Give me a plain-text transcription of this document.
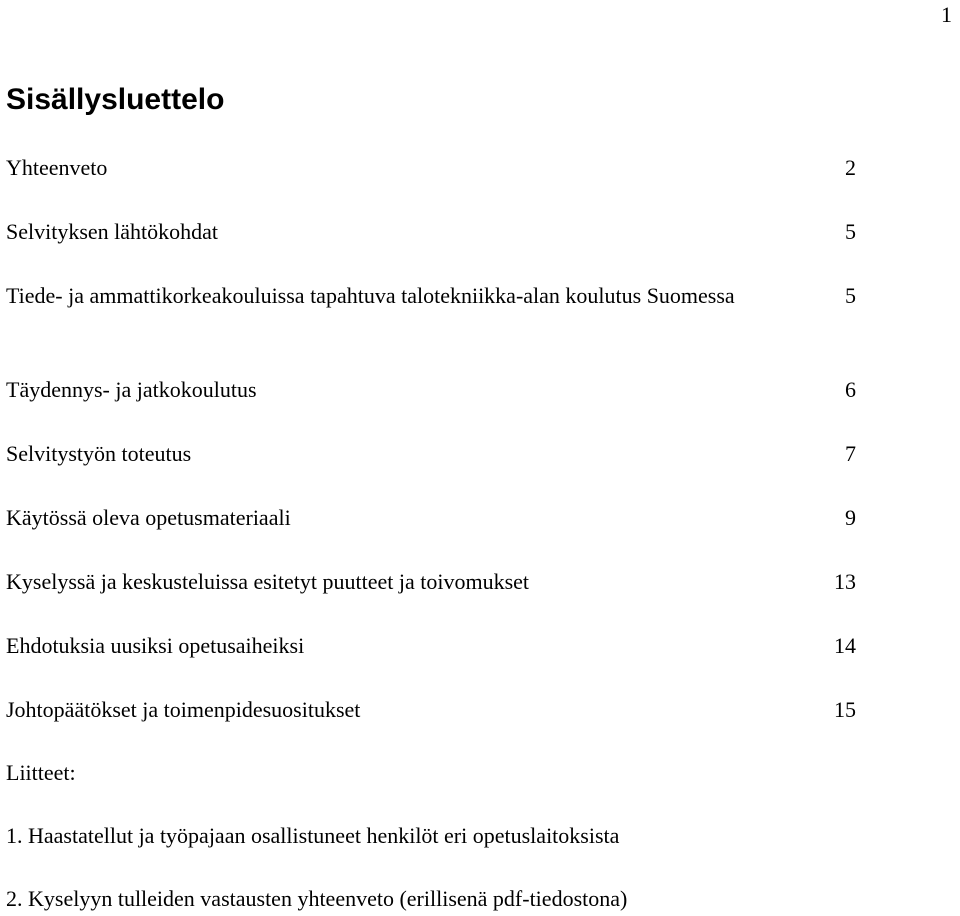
1
Sisällysluettelo
Yhteenveto	2
Selvityksen lähtökohdat	5
Tiede- ja ammattikorkeakouluissa tapahtuva talotekniikka-alan koulutus Suomessa	5
Täydennys- ja jatkokoulutus	6
Selvitystyön toteutus	7
Käytössä oleva opetusmateriaali	9
Kyselyssä ja keskusteluissa esitetyt puutteet ja toivomukset	13
Ehdotuksia uusiksi opetusaiheiksi	14
Johtopäätökset ja toimenpidesuositukset	15
Liitteet:
1. Haastatellut ja työpajaan osallistuneet henkilöt eri opetuslaitoksista
2. Kyselyyn tulleiden vastausten yhteenveto (erillisenä pdf-tiedostona)
